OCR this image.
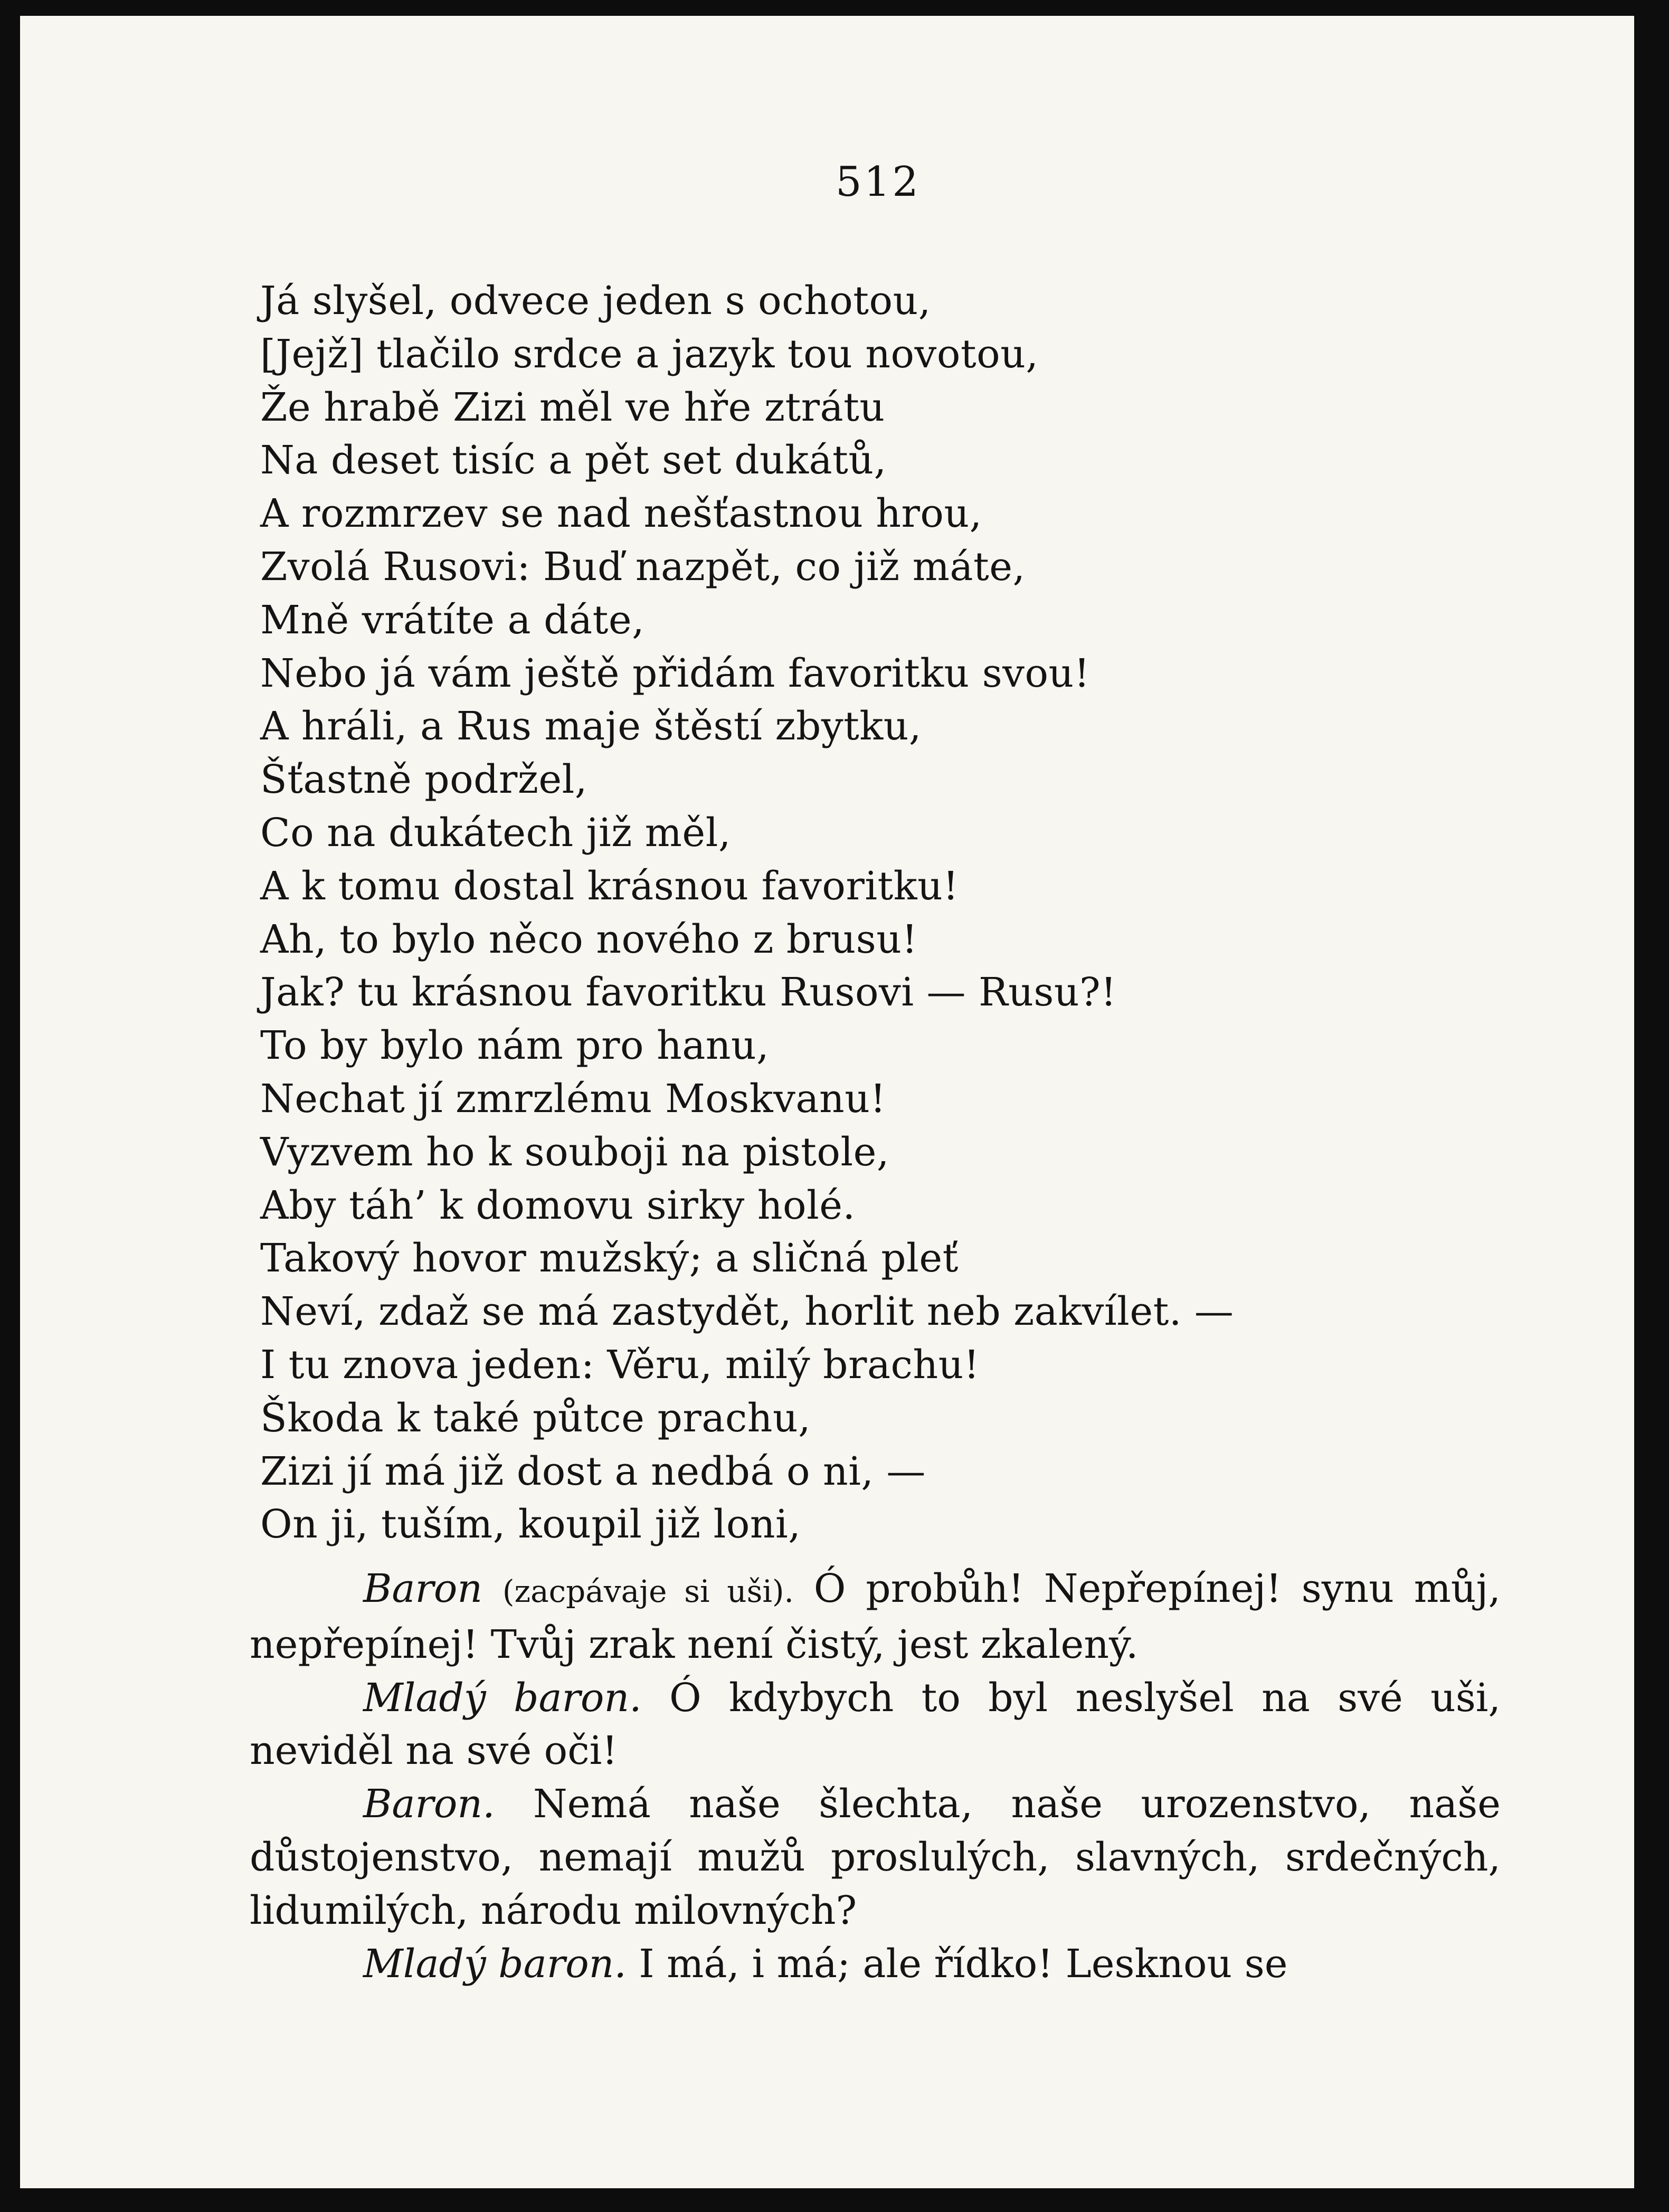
512
Já slyšel, odvece jeden s ochotou,
[Jejž] tlačilo srdce a jazyk tou novotou,
Že hrabě Zizi měl ve hře ztrátu
Na deset tisíc a pět set dukátů,
A rozmrzev se nad nešťastnou hrou,
Zvolá Rusovi: Buď nazpět, co již máte,
Mně vrátíte a dáte,
Nebo já vám ještě přidám favoritku svou!
A hráli, a Rus maje štěstí zbytku,
Šťastně podržel,
Co na dukátech již měl,
A k tomu dostal krásnou favoritku!
Ah, to bylo něco nového z brusu!
Jak? tu krásnou favoritku Rusovi — Rusu?!
To by bylo nám pro hanu,
Nechat jí zmrzlému Moskvanu!
Vyzvem ho k souboji na pistole,
Aby táh’ k domovu sirky holé.
Takový hovor mužský; a sličná pleť
Neví, zdaž se má zastydět, horlit neb zakvílet. —
I tu znova jeden: Věru, milý brachu!
Škoda k také půtce prachu,
Zizi jí má již dost a nedbá o ni, —
On ji, tuším, koupil již loni,

Baron (zacpávaje si uši). Ó probůh! Nepřepínej! synu můj, nepřepínej! Tvůj zrak není čistý, jest zkalený.

Mladý baron. Ó kdybych to byl neslyšel na své uši, neviděl na své oči!

Baron. Nemá naše šlechta, naše urozenstvo, naše důstojenstvo, nemají mužů proslulých, slavných, srdečných, lidumilých, národu milovných?

Mladý baron. I má, i má; ale řídko! Lesknou se
